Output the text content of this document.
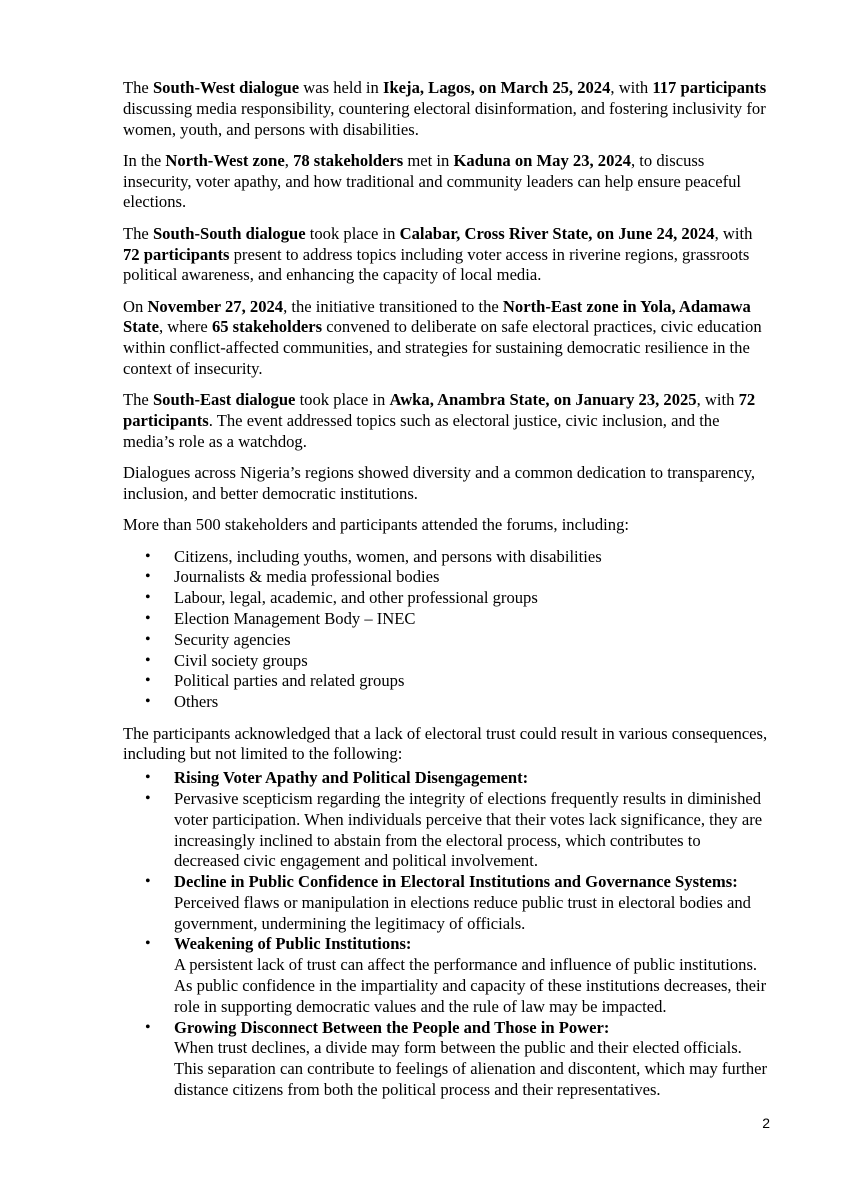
The South-West dialogue was held in Ikeja, Lagos, on March 25, 2024, with 117 participants discussing media responsibility, countering electoral disinformation, and fostering inclusivity for women, youth, and persons with disabilities.

In the North-West zone, 78 stakeholders met in Kaduna on May 23, 2024, to discuss insecurity, voter apathy, and how traditional and community leaders can help ensure peaceful elections.

The South-South dialogue took place in Calabar, Cross River State, on June 24, 2024, with 72 participants present to address topics including voter access in riverine regions, grassroots political awareness, and enhancing the capacity of local media.

On November 27, 2024, the initiative transitioned to the North-East zone in Yola, Adamawa State, where 65 stakeholders convened to deliberate on safe electoral practices, civic education within conflict-affected communities, and strategies for sustaining democratic resilience in the context of insecurity.

The South-East dialogue took place in Awka, Anambra State, on January 23, 2025, with 72 participants. The event addressed topics such as electoral justice, civic inclusion, and the media’s role as a watchdog.

Dialogues across Nigeria’s regions showed diversity and a common dedication to transparency, inclusion, and better democratic institutions.

More than 500 stakeholders and participants attended the forums, including:

• Citizens, including youths, women, and persons with disabilities
• Journalists & media professional bodies
• Labour, legal, academic, and other professional groups
• Election Management Body – INEC
• Security agencies
• Civil society groups
• Political parties and related groups
• Others

The participants acknowledged that a lack of electoral trust could result in various consequences, including but not limited to the following:

• Rising Voter Apathy and Political Disengagement:
• Pervasive scepticism regarding the integrity of elections frequently results in diminished voter participation. When individuals perceive that their votes lack significance, they are increasingly inclined to abstain from the electoral process, which contributes to decreased civic engagement and political involvement.
• Decline in Public Confidence in Electoral Institutions and Governance Systems:
Perceived flaws or manipulation in elections reduce public trust in electoral bodies and government, undermining the legitimacy of officials.
• Weakening of Public Institutions:
A persistent lack of trust can affect the performance and influence of public institutions. As public confidence in the impartiality and capacity of these institutions decreases, their role in supporting democratic values and the rule of law may be impacted.
• Growing Disconnect Between the People and Those in Power:
When trust declines, a divide may form between the public and their elected officials. This separation can contribute to feelings of alienation and discontent, which may further distance citizens from both the political process and their representatives.
2
